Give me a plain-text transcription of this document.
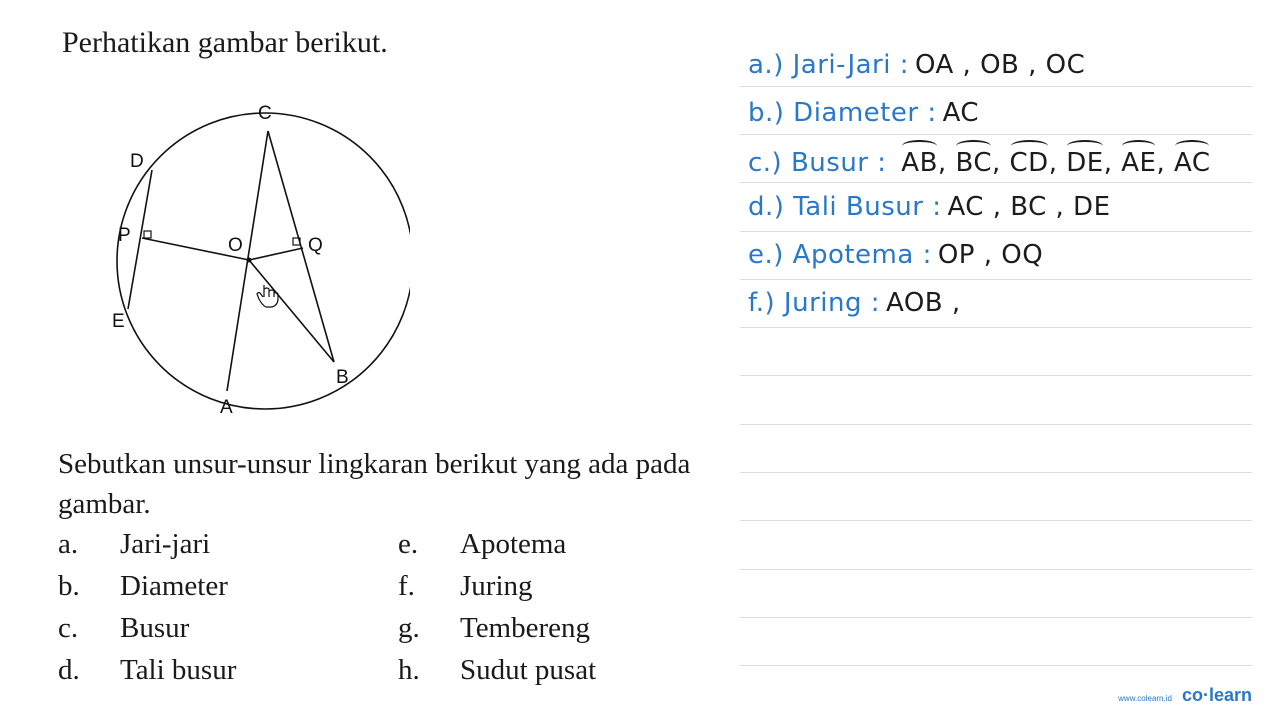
Perhatikan gambar berikut.
C
D
P	O	Q
E
B
A

Sebutkan unsur-unsur lingkaran berikut yang ada pada gambar.

a. Jari-jari
b. Diameter
c. Busur
d. Tali busur
e. Apotema
f. Juring
g. Tembereng
h. Sudut pusat
a.) Jari-Jari : OA , OB , OC
b.) Diameter : AC
c.) Busur : AB, BC, CD, DE, AE, AC
d.) Tali Busur : AC , BC , DE
e.) Apotema : OP , OQ
f.) Juring : AOB ,
www.colearn.id co·learn
